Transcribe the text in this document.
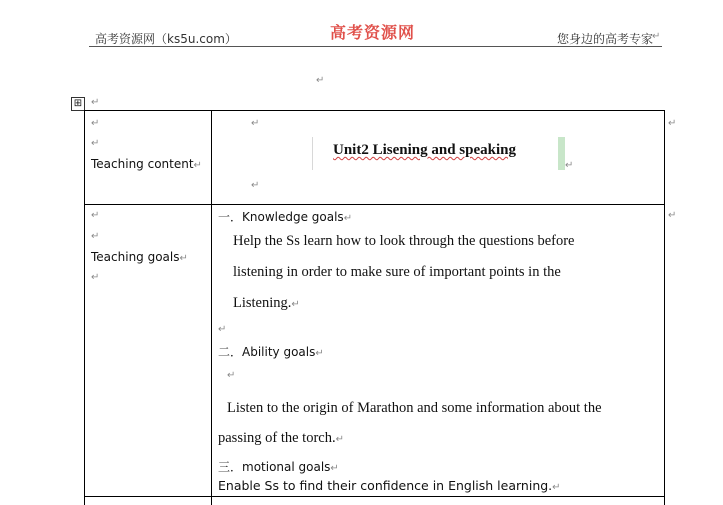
高考资源网（ks5u.com）	高考资源网	您身边的高考专家
↵
↵
⊞ ↵
↵
↵
Teaching content↵
↵
Unit2 Lisening and speaking
↵
↵
↵
↵
↵
Teaching goals↵
↵
↵
一．Knowledge goals↵
Help the Ss learn how to look through the questions before
listening in order to make sure of important points in the
Listening.↵
↵
二．Ability goals↵
↵
Listen to the origin of Marathon and some information about the
passing of the torch.↵
三．motional goals↵
Enable Ss to find their confidence in English learning.↵
